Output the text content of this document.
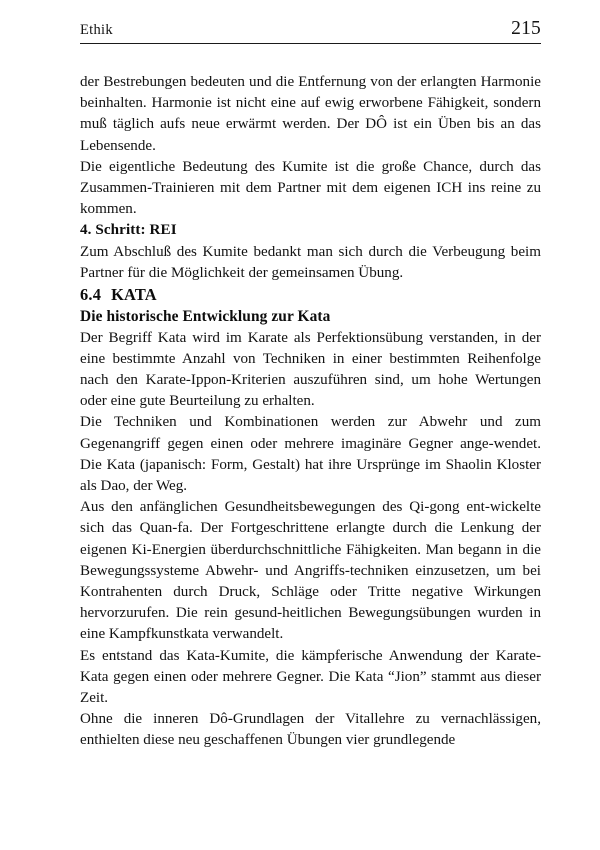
Ethik	215

der Bestrebungen bedeuten und die Entfernung von der erlangten Harmonie beinhalten. Harmonie ist nicht eine auf ewig erworbene Fähigkeit, sondern muß täglich aufs neue erwärmt werden. Der DÔ ist ein Üben bis an das Lebensende.

Die eigentliche Bedeutung des Kumite ist die große Chance, durch das Zusammen-Trainieren mit dem Partner mit dem eigenen ICH ins reine zu kommen.

4. Schritt: REI

Zum Abschluß des Kumite bedankt man sich durch die Verbeugung beim Partner für die Möglichkeit der gemeinsamen Übung.

6.4 KATA
Die historische Entwicklung zur Kata

Der Begriff Kata wird im Karate als Perfektionsübung verstanden, in der eine bestimmte Anzahl von Techniken in einer bestimmten Reihenfolge nach den Karate-Ippon-Kriterien auszuführen sind, um hohe Wertungen oder eine gute Beurteilung zu erhalten.

Die Techniken und Kombinationen werden zur Abwehr und zum Gegenangriff gegen einen oder mehrere imaginäre Gegner ange-wendet. Die Kata (japanisch: Form, Gestalt) hat ihre Ursprünge im Shaolin Kloster als Dao, der Weg.

Aus den anfänglichen Gesundheitsbewegungen des Qi-gong ent-wickelte sich das Quan-fa. Der Fortgeschrittene erlangte durch die Lenkung der eigenen Ki-Energien überdurchschnittliche Fähigkeiten. Man begann in die Bewegungssysteme Abwehr- und Angriffs-techniken einzusetzen, um bei Kontrahenten durch Druck, Schläge oder Tritte negative Wirkungen hervorzurufen. Die rein gesund-heitlichen Bewegungsübungen wurden in eine Kampfkunstkata verwandelt.

Es entstand das Kata-Kumite, die kämpferische Anwendung der Karate-Kata gegen einen oder mehrere Gegner. Die Kata “Jion” stammt aus dieser Zeit.

Ohne die inneren Dô-Grundlagen der Vitallehre zu vernachlässigen, enthielten diese neu geschaffenen Übungen vier grundlegende
